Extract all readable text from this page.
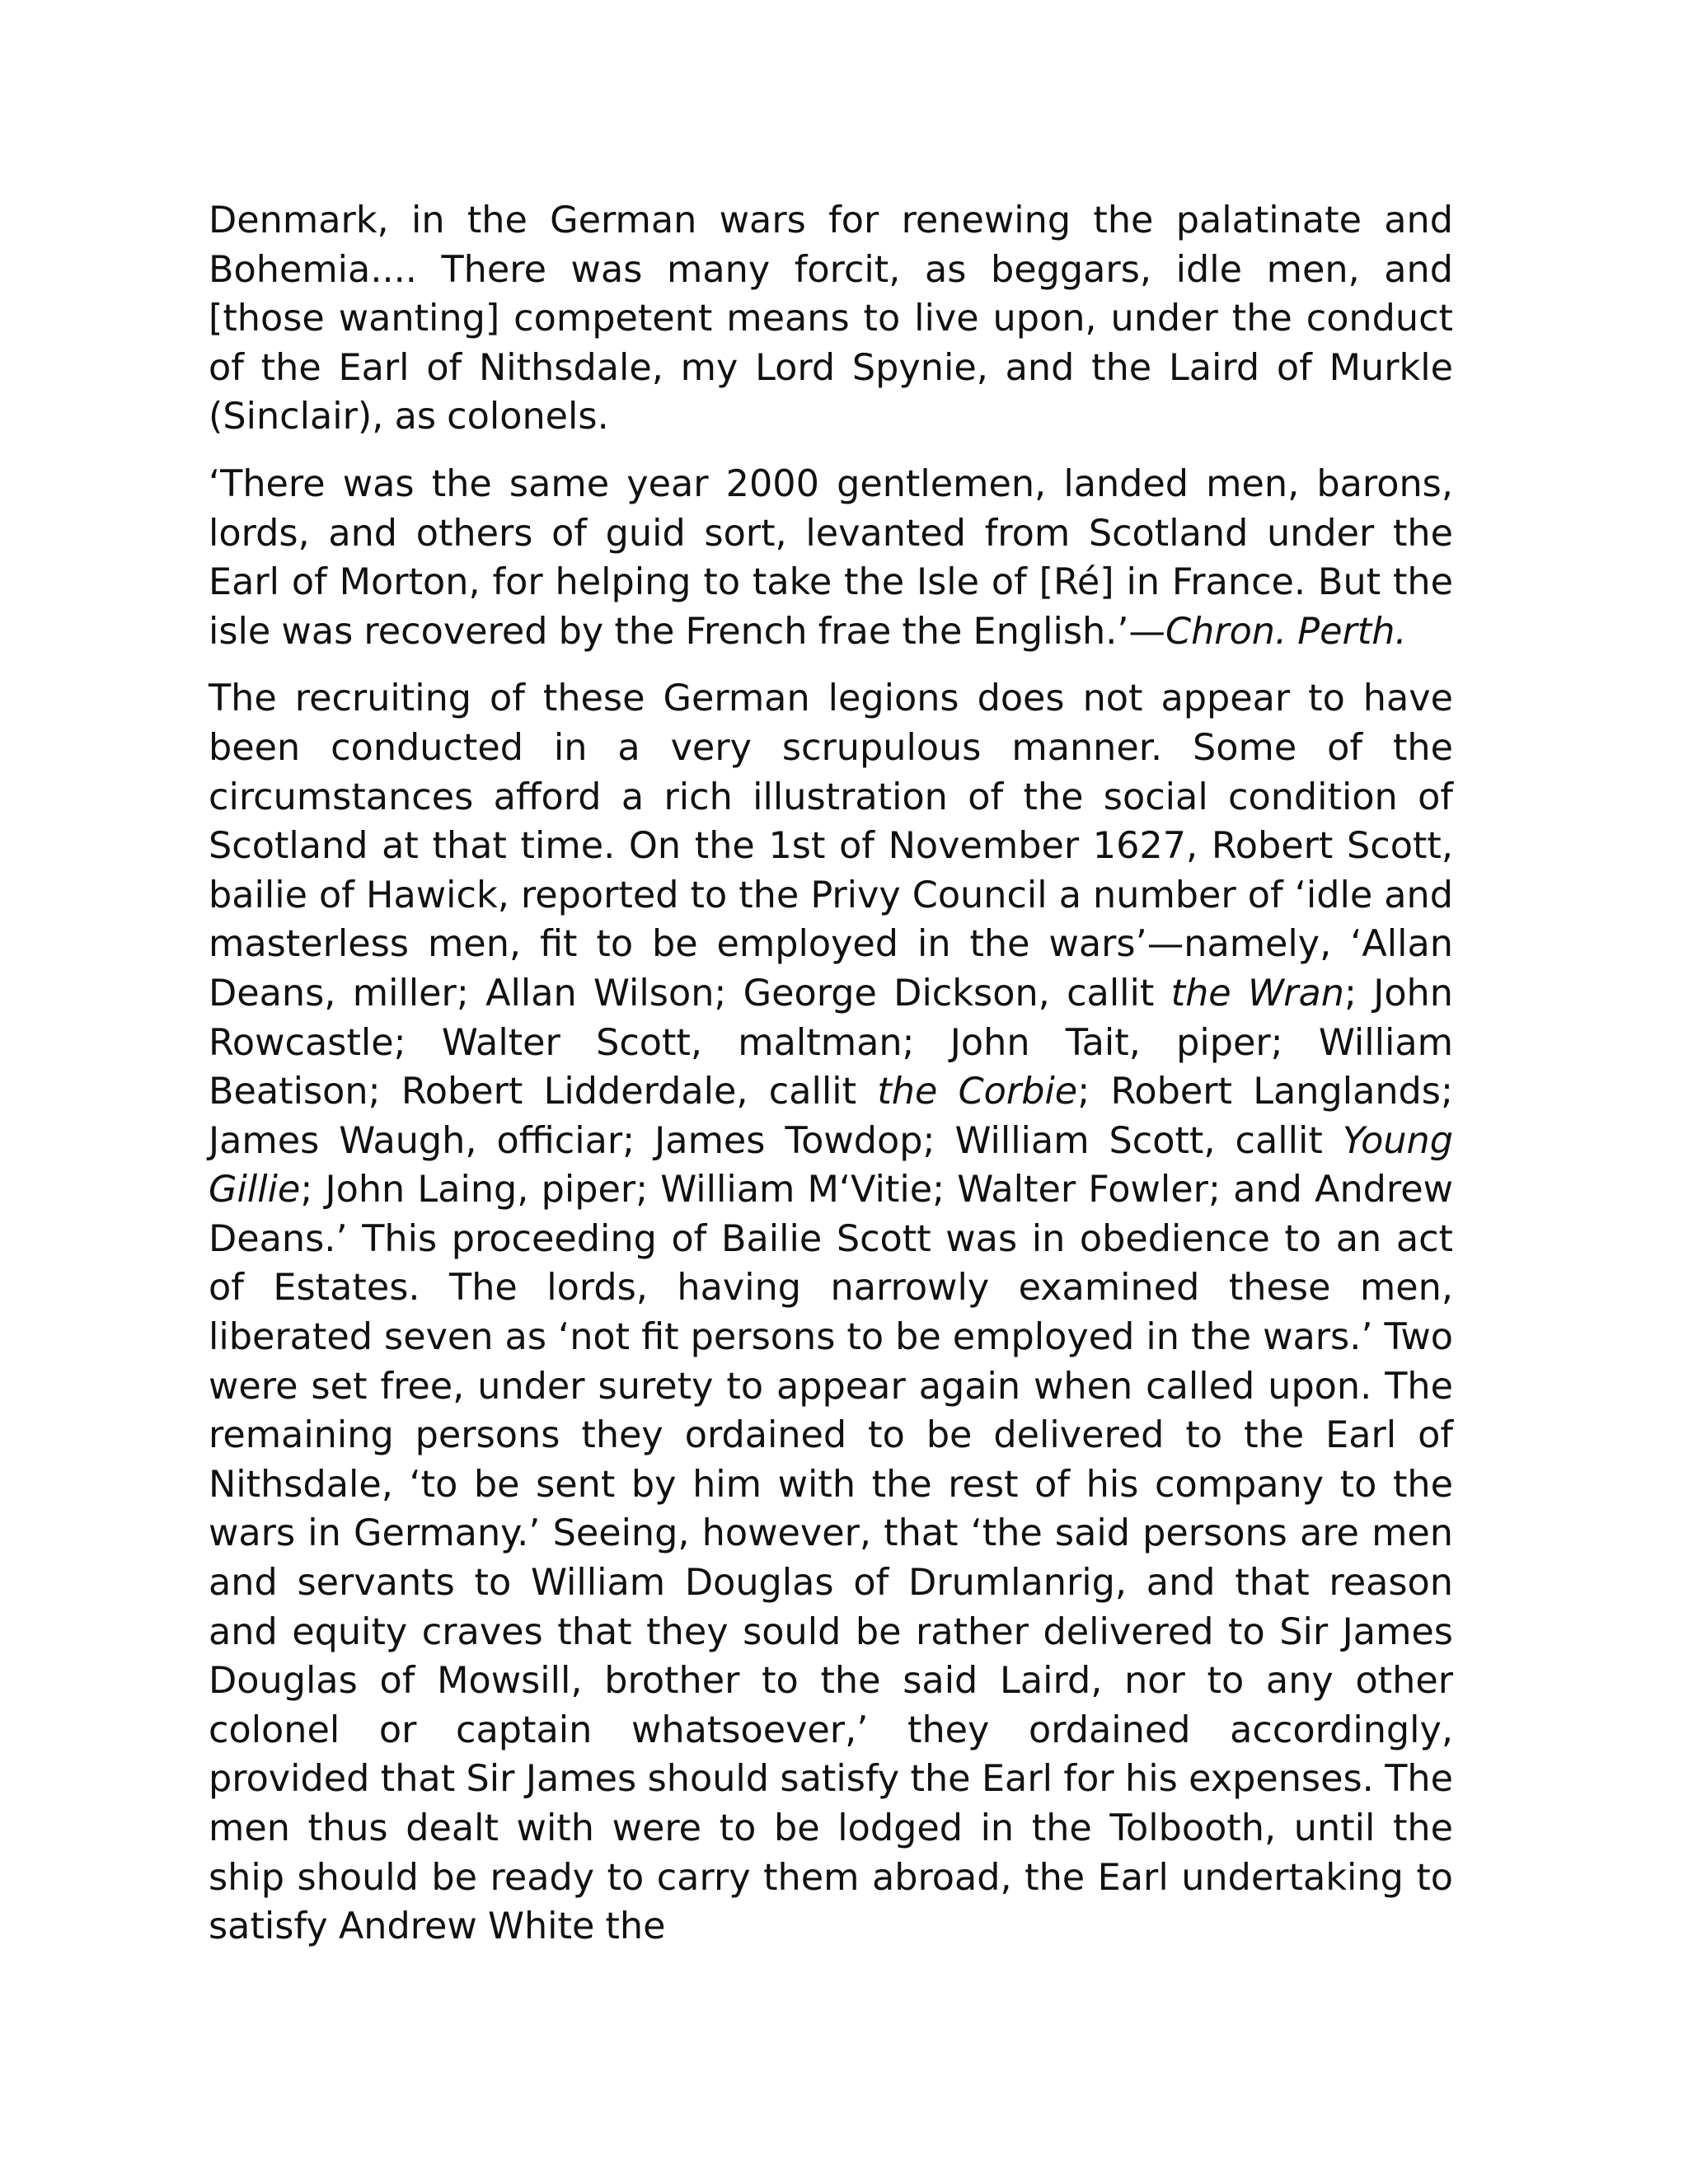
Denmark, in the German wars for renewing the palatinate and Bohemia.... There was many forcit, as beggars, idle men, and [those wanting] competent means to live upon, under the conduct of the Earl of Nithsdale, my Lord Spynie, and the Laird of Murkle (Sinclair), as colonels.

‘There was the same year 2000 gentlemen, landed men, barons, lords, and others of guid sort, levanted from Scotland under the Earl of Morton, for helping to take the Isle of [Ré] in France. But the isle was recovered by the French frae the English.’—Chron. Perth.

The recruiting of these German legions does not appear to have been conducted in a very scrupulous manner. Some of the circumstances afford a rich illustration of the social condition of Scotland at that time. On the 1st of November 1627, Robert Scott, bailie of Hawick, reported to the Privy Council a number of ‘idle and masterless men, fit to be employed in the wars’—namely, ‘Allan Deans, miller; Allan Wilson; George Dickson, callit the Wran; John Rowcastle; Walter Scott, maltman; John Tait, piper; William Beatison; Robert Lidderdale, callit the Corbie; Robert Langlands; James Waugh, officiar; James Towdop; William Scott, callit Young Gillie; John Laing, piper; William M‘Vitie; Walter Fowler; and Andrew Deans.’ This proceeding of Bailie Scott was in obedience to an act of Estates. The lords, having narrowly examined these men, liberated seven as ‘not fit persons to be employed in the wars.’ Two were set free, under surety to appear again when called upon. The remaining persons they ordained to be delivered to the Earl of Nithsdale, ‘to be sent by him with the rest of his company to the wars in Germany.’ Seeing, however, that ‘the said persons are men and servants to William Douglas of Drumlanrig, and that reason and equity craves that they sould be rather delivered to Sir James Douglas of Mowsill, brother to the said Laird, nor to any other colonel or captain whatsoever,’ they ordained accordingly, provided that Sir James should satisfy the Earl for his expenses. The men thus dealt with were to be lodged in the Tolbooth, until the ship should be ready to carry them abroad, the Earl undertaking to satisfy Andrew White the
